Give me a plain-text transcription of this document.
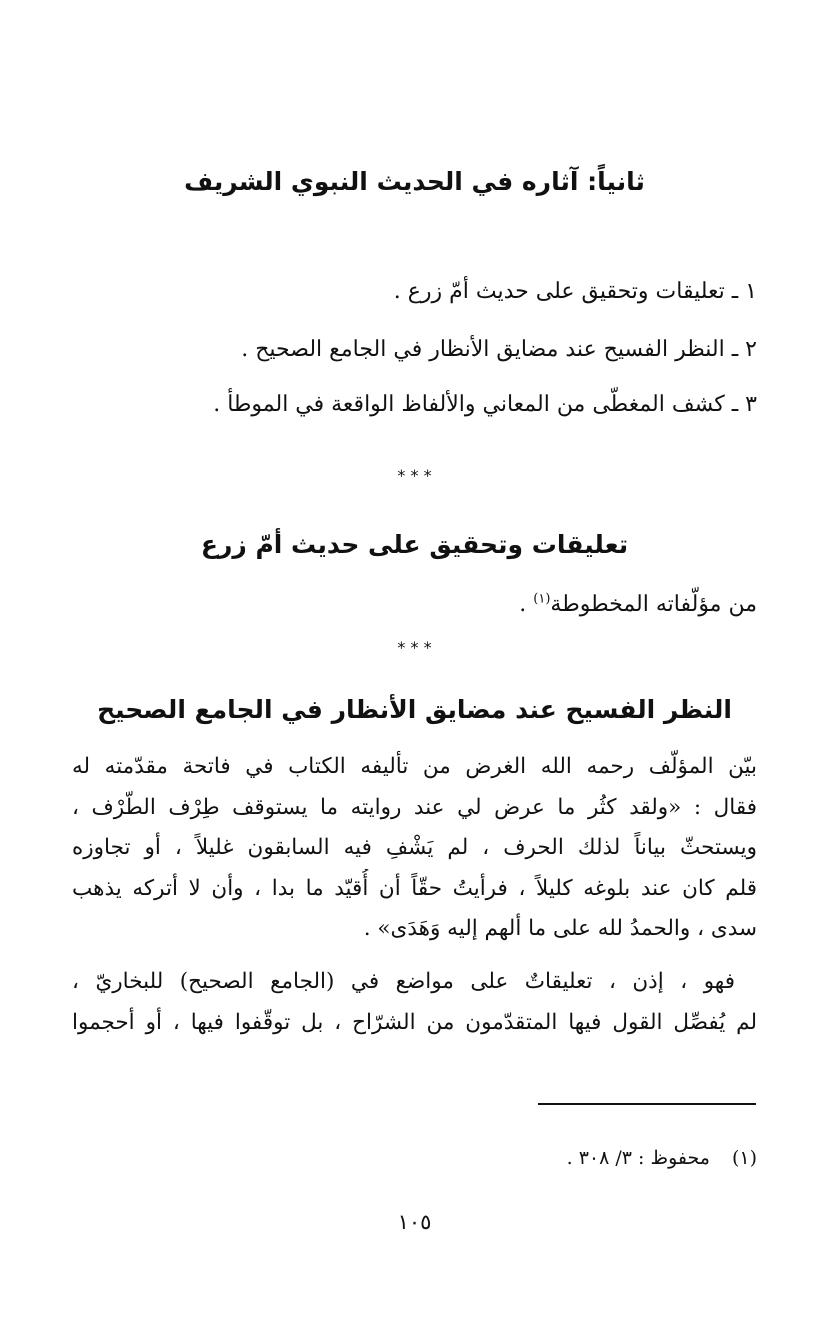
ثانياً: آثاره في الحديث النبوي الشريف

١ ـ تعليقات وتحقيق على حديث أمّ زرع .

٢ ـ النظر الفسيح عند مضايق الأنظار في الجامع الصحيح .

٣ ـ كشف المغطّى من المعاني والألفاظ الواقعة في الموطأ .

* * *
تعليقات وتحقيق على حديث أمّ زرع

من مؤلّفاته المخطوطة$^{(١)}$ .

* * *
النظر الفسيح عند مضايق الأنظار في الجامع الصحيح
بيّن المؤلّف رحمه الله الغرض من تأليفه الكتاب في فاتحة مقدّمته له
فقال : «ولقد كثُر ما عرض لي عند روايته ما يستوقف طِرْف الطّرْف ،
ويستحثّ بياناً لذلك الحرف ، لم يَشْفِ فيه السابقون غليلاً ، أو تجاوزه
قلم كان عند بلوغه كليلاً ، فرأيتُ حقّاً أن أُقيّد ما بدا ، وأن لا أتركه يذهب
سدى ، والحمدُ لله على ما ألهم إليه وَهَدَى» .
فهو ، إذن ، تعليقاتٌ على مواضع في (الجامع الصحيح) للبخاريّ ،
لم يُفصِّل القول فيها المتقدّمون من الشرّاح ، بل توقّفوا فيها ، أو أحجموا

(١)محفوظ : ٣/ ٣٠٨ .

١٠٥
